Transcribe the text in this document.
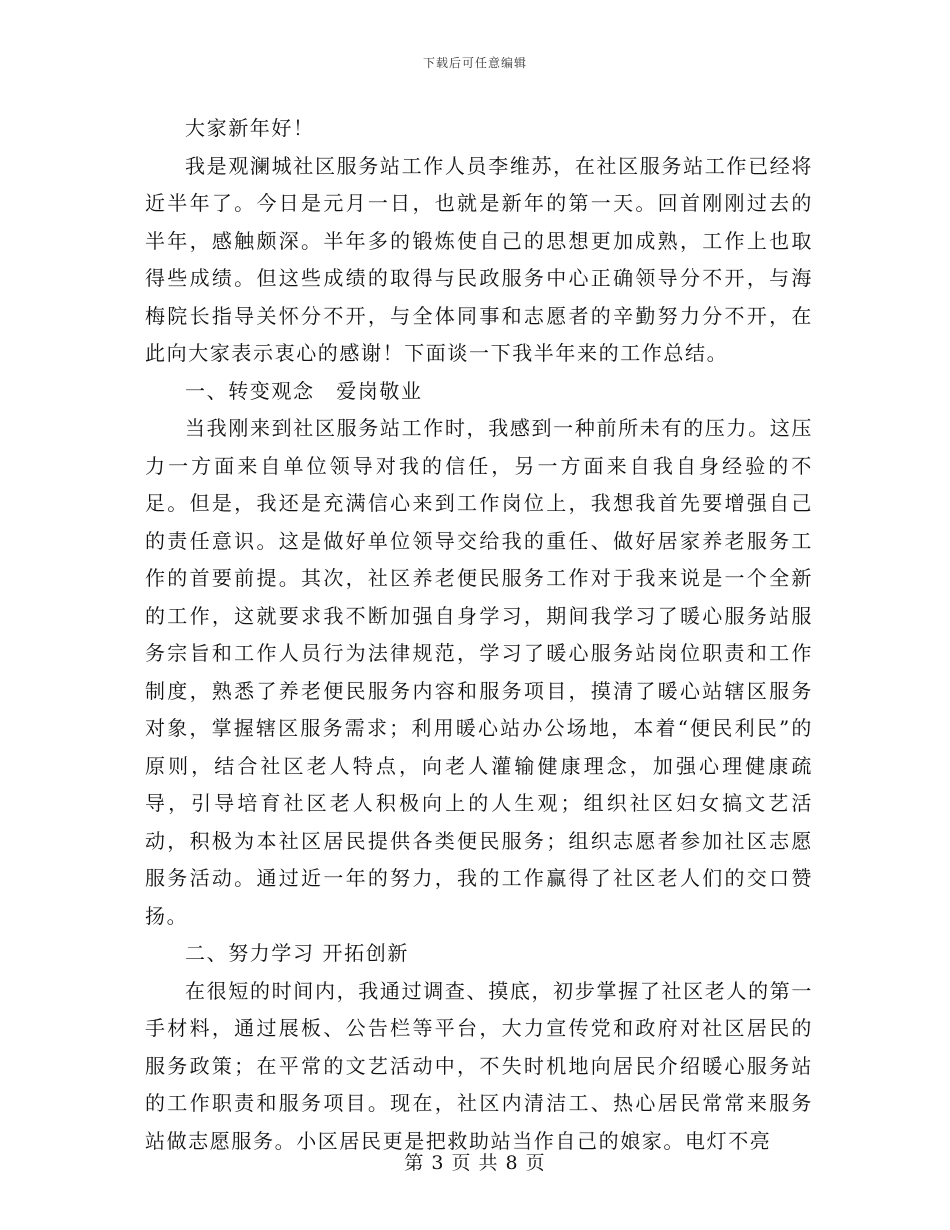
下载后可任意编辑

大家新年好！

我是观澜城社区服务站工作人员李维苏，在社区服务站工作已经将近半年了。今日是元月一日，也就是新年的第一天。回首刚刚过去的半年，感触颇深。半年多的锻炼使自己的思想更加成熟，工作上也取得些成绩。但这些成绩的取得与民政服务中心正确领导分不开，与海梅院长指导关怀分不开，与全体同事和志愿者的辛勤努力分不开，在此向大家表示衷心的感谢！下面谈一下我半年来的工作总结。

一、转变观念　爱岗敬业

当我刚来到社区服务站工作时，我感到一种前所未有的压力。这压力一方面来自单位领导对我的信任，另一方面来自我自身经验的不足。但是，我还是充满信心来到工作岗位上，我想我首先要增强自己的责任意识。这是做好单位领导交给我的重任、做好居家养老服务工作的首要前提。其次，社区养老便民服务工作对于我来说是一个全新的工作，这就要求我不断加强自身学习，期间我学习了暖心服务站服务宗旨和工作人员行为法律规范，学习了暖心服务站岗位职责和工作制度，熟悉了养老便民服务内容和服务项目，摸清了暖心站辖区服务对象，掌握辖区服务需求；利用暖心站办公场地，本着“便民利民”的原则，结合社区老人特点，向老人灌输健康理念，加强心理健康疏导，引导培育社区老人积极向上的人生观；组织社区妇女搞文艺活动，积极为本社区居民提供各类便民服务；组织志愿者参加社区志愿服务活动。通过近一年的努力，我的工作赢得了社区老人们的交口赞扬。

二、努力学习 开拓创新

在很短的时间内，我通过调查、摸底，初步掌握了社区老人的第一手材料，通过展板、公告栏等平台，大力宣传党和政府对社区居民的服务政策；在平常的文艺活动中，不失时机地向居民介绍暖心服务站的工作职责和服务项目。现在，社区内清洁工、热心居民常常来服务站做志愿服务。小区居民更是把救助站当作自己的娘家。电灯不亮

第 3 页 共 8 页
